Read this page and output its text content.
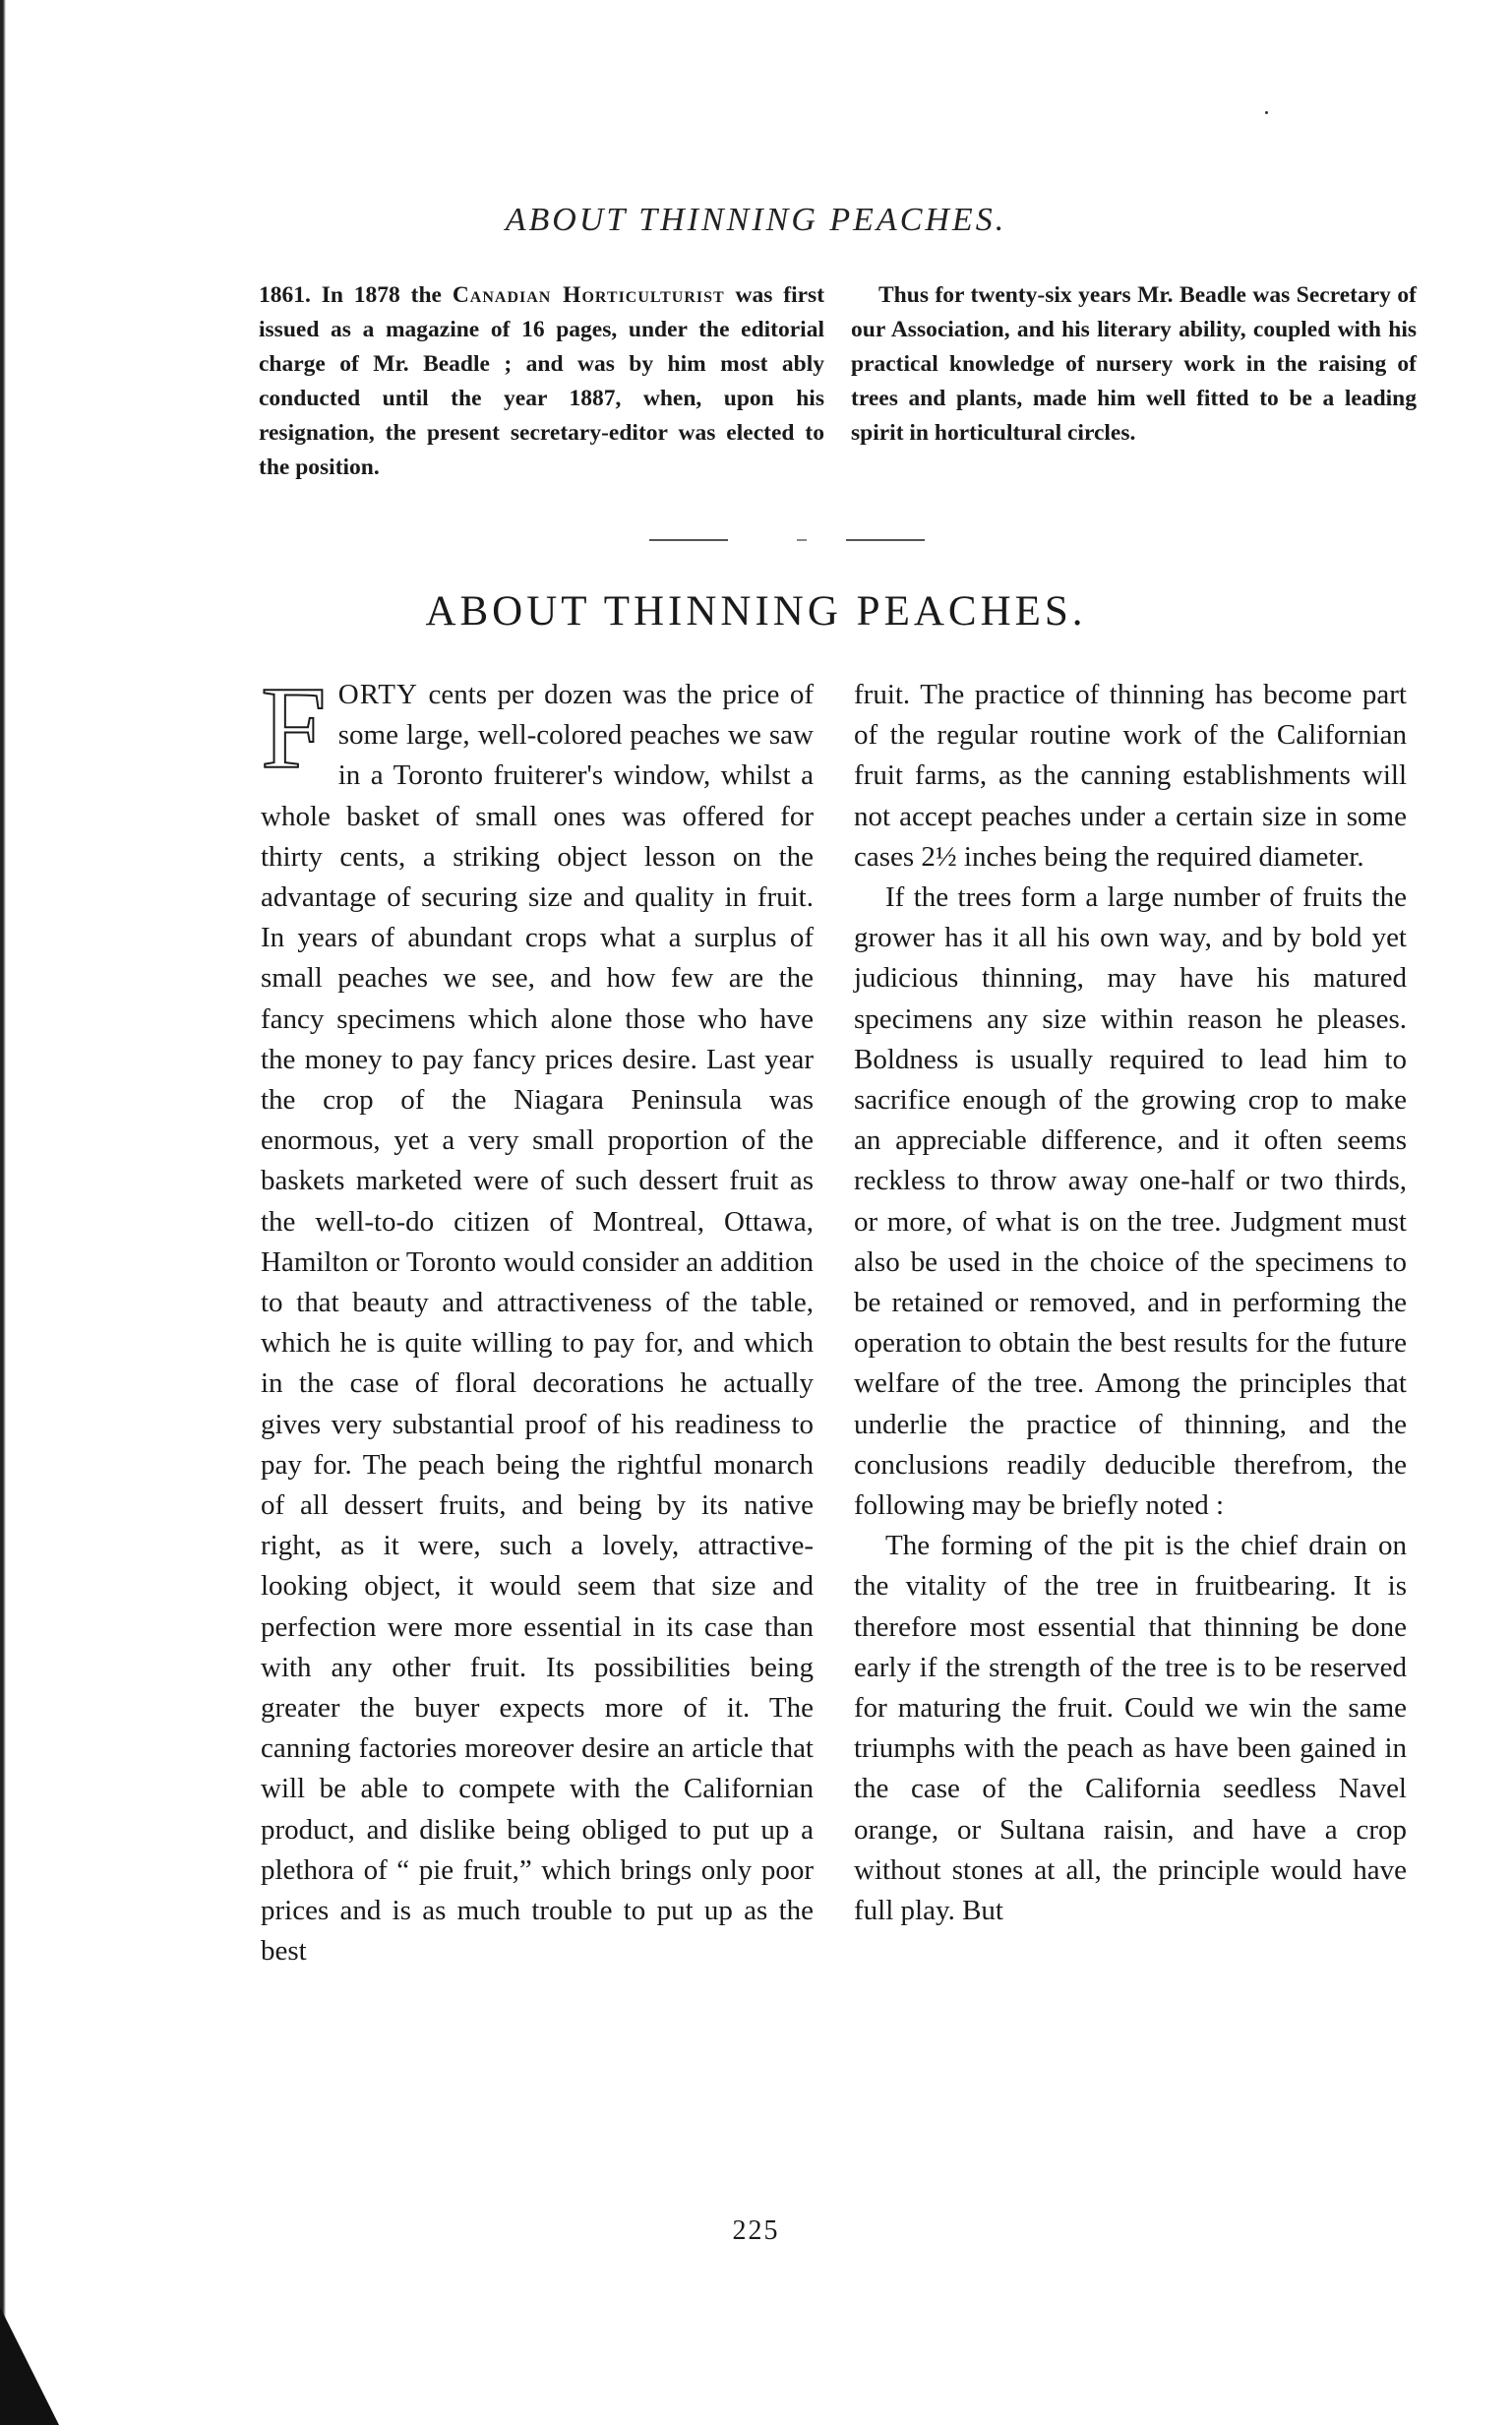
ABOUT THINNING PEACHES.

1861. In 1878 the Canadian Horticulturist was first issued as a magazine of 16 pages, under the editorial charge of Mr. Beadle ; and was by him most ably conducted until the year 1887, when, upon his resignation, the present secretary-editor was elected to the position.

Thus for twenty-six years Mr. Beadle was Secretary of our Association, and his literary ability, coupled with his practical knowledge of nursery work in the raising of trees and plants, made him well fitted to be a leading spirit in horticultural circles.

ABOUT THINNING PEACHES.

FORTY cents per dozen was the price of some large, well-colored peaches we saw in a Toronto fruiterer's window, whilst a whole basket of small ones was offered for thirty cents, a striking object lesson on the advantage of securing size and quality in fruit. In years of abundant crops what a surplus of small peaches we see, and how few are the fancy specimens which alone those who have the money to pay fancy prices desire. Last year the crop of the Niagara Peninsula was enormous, yet a very small proportion of the baskets marketed were of such dessert fruit as the well-to-do citizen of Montreal, Ottawa, Hamilton or Toronto would consider an addition to that beauty and attractiveness of the table, which he is quite willing to pay for, and which in the case of floral decorations he actually gives very substantial proof of his readiness to pay for. The peach being the rightful monarch of all dessert fruits, and being by its native right, as it were, such a lovely, attractive-looking object, it would seem that size and perfection were more essential in its case than with any other fruit. Its possibilities being greater the buyer expects more of it. The canning factories moreover desire an article that will be able to compete with the Californian product, and dislike being obliged to put up a plethora of “ pie fruit,” which brings only poor prices and is as much trouble to put up as the best

fruit. The practice of thinning has become part of the regular routine work of the Californian fruit farms, as the canning establishments will not accept peaches under a certain size in some cases 2½ inches being the required diameter.

If the trees form a large number of fruits the grower has it all his own way, and by bold yet judicious thinning, may have his matured specimens any size within reason he pleases. Boldness is usually required to lead him to sacrifice enough of the growing crop to make an appreciable difference, and it often seems reckless to throw away one-half or two thirds, or more, of what is on the tree. Judgment must also be used in the choice of the specimens to be retained or removed, and in performing the operation to obtain the best results for the future welfare of the tree. Among the principles that underlie the practice of thinning, and the conclusions readily deducible therefrom, the following may be briefly noted :

The forming of the pit is the chief drain on the vitality of the tree in fruitbearing. It is therefore most essential that thinning be done early if the strength of the tree is to be reserved for maturing the fruit. Could we win the same triumphs with the peach as have been gained in the case of the California seedless Navel orange, or Sultana raisin, and have a crop without stones at all, the principle would have full play. But

225
